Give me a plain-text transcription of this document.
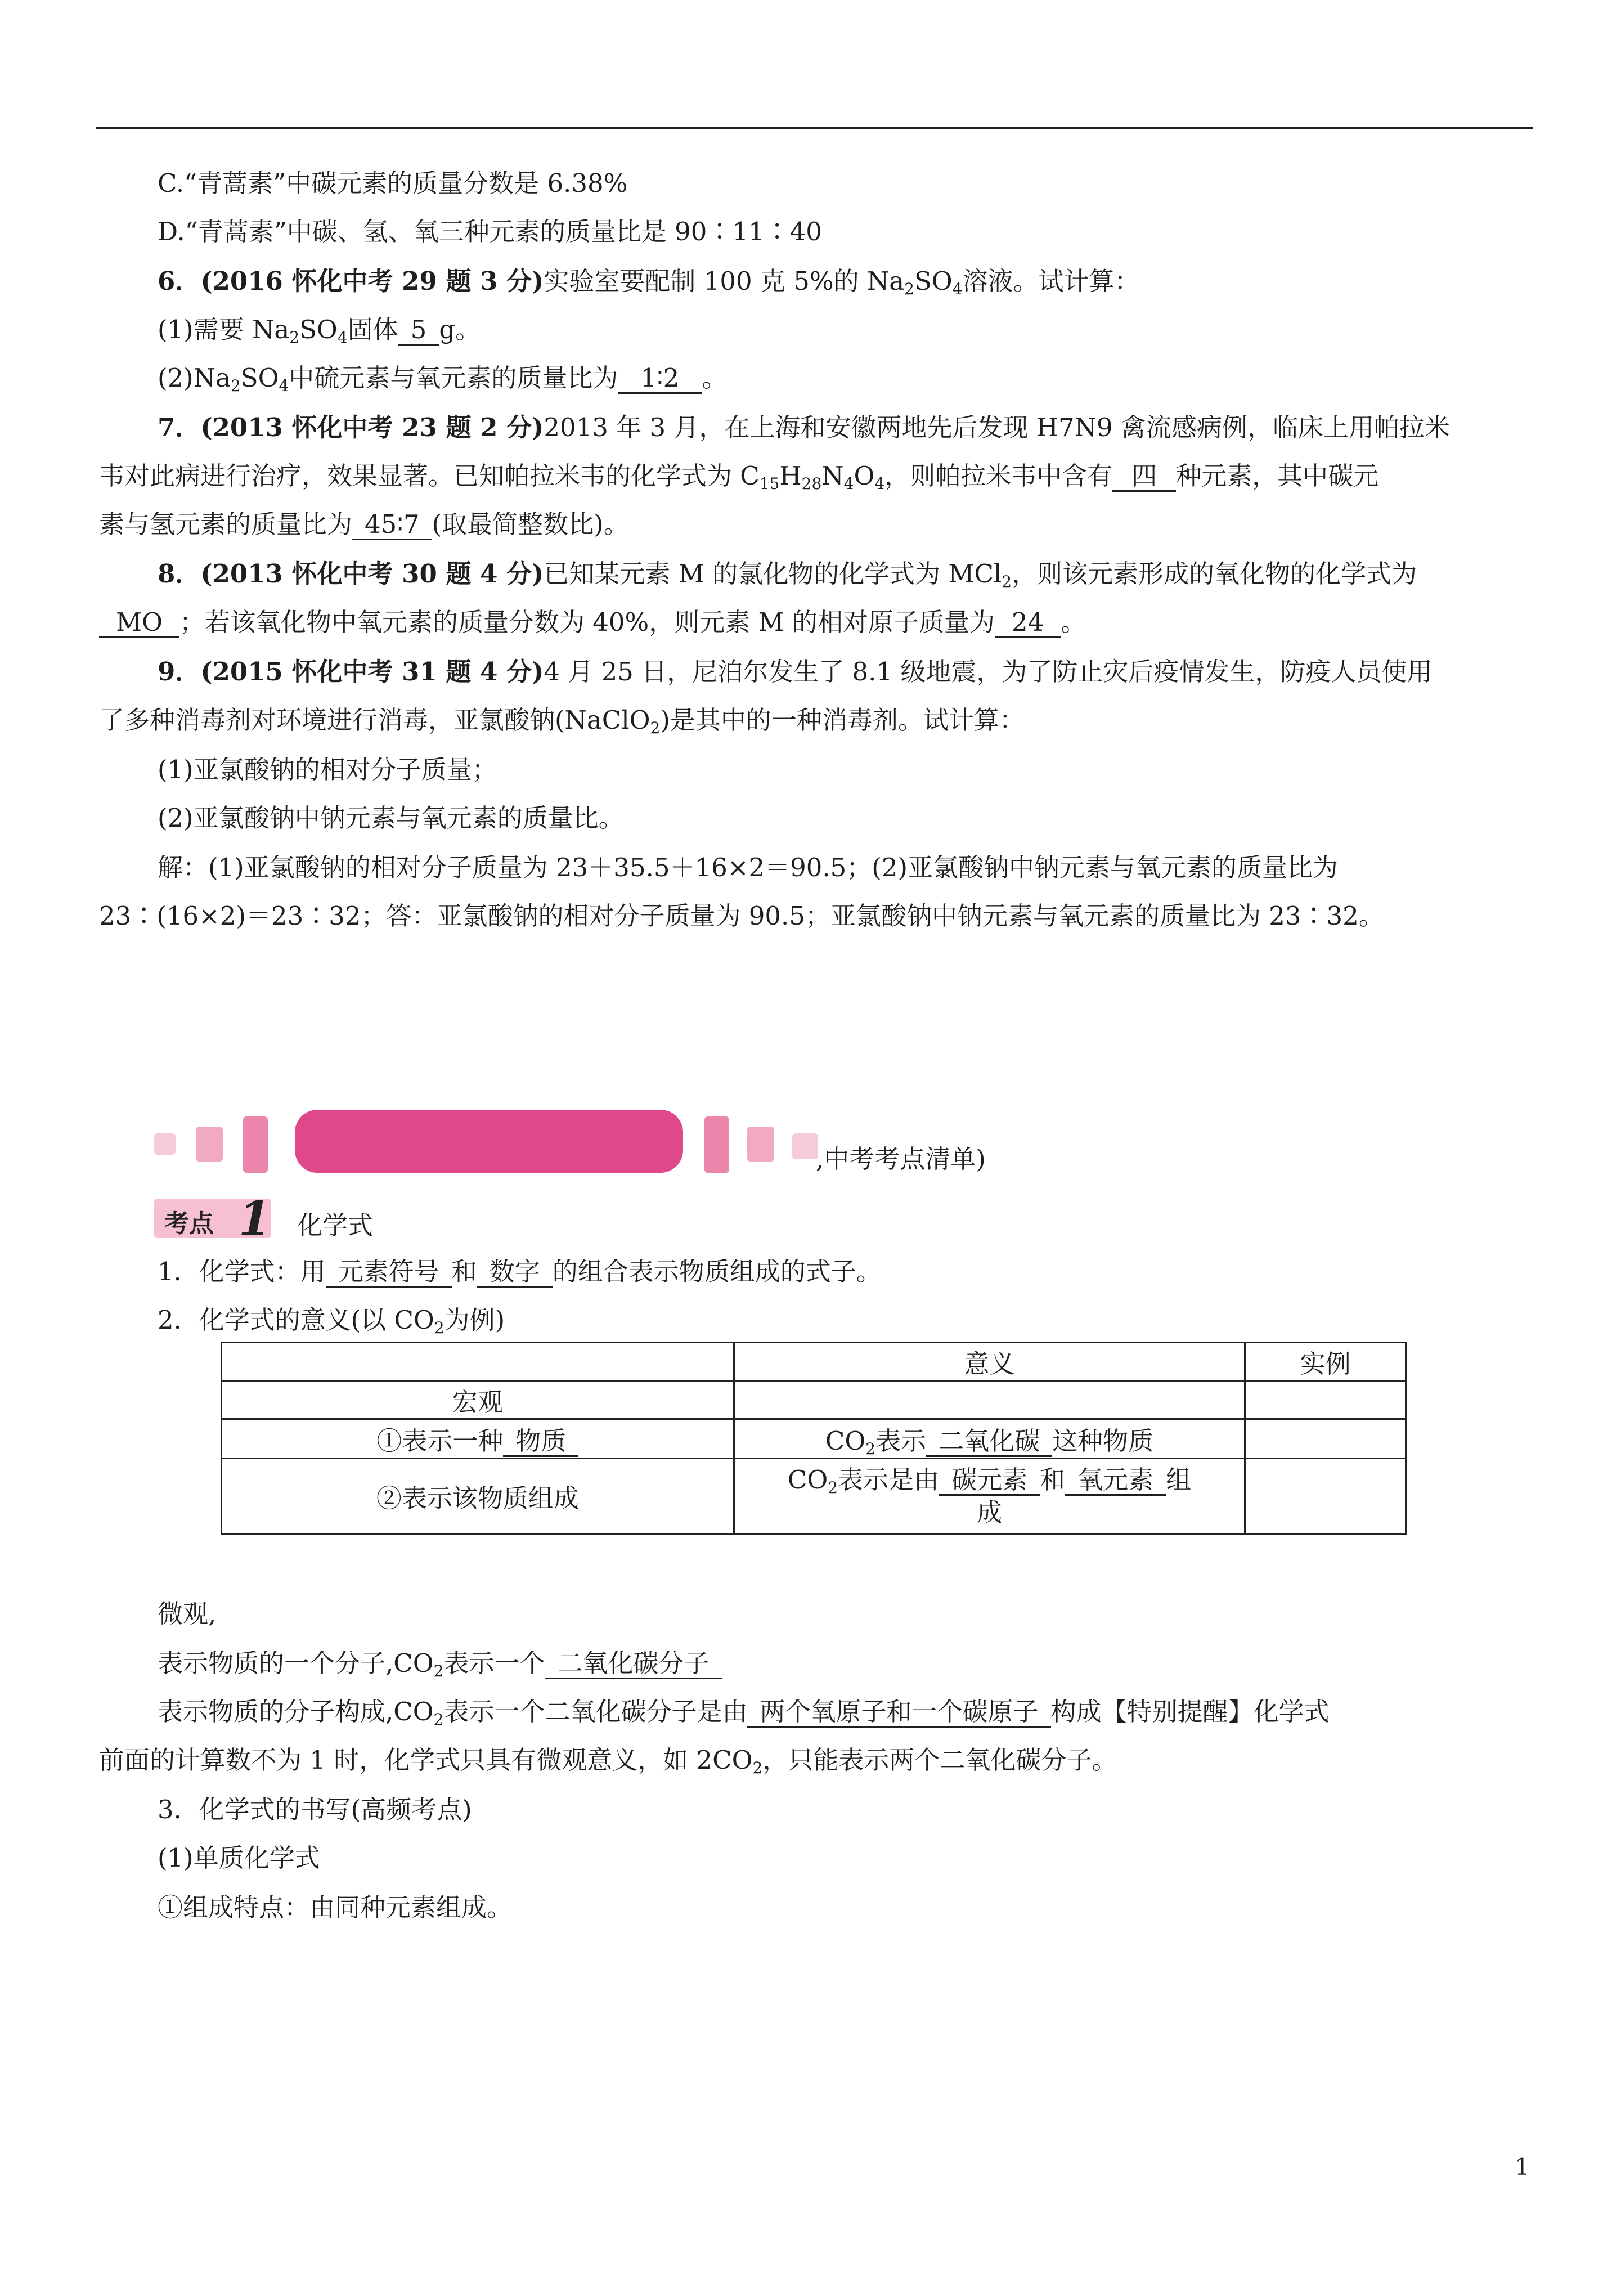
C.“青蒿素”中碳元素的质量分数是 6.38%
D.“青蒿素”中碳、氢、氧三种元素的质量比是 90∶11∶40
6．(2016 怀化中考 29 题 3 分)实验室要配制 100 克 5%的 $Na_2SO_4$溶液。试计算：
(1)需要 $Na_2SO_4$固体 5 g。
$(2)Na_2SO_4$中硫元素与氧元素的质量比为 1∶2 。
7．(2013 怀化中考 23 题 2 分)2013 年 3 月，在上海和安徽两地先后发现 H7N9 禽流感病例，临床上用帕拉米
韦对此病进行治疗，效果显著。已知帕拉米韦的化学式为 $C_{15}H_{28}N_4O_4$，则帕拉米韦中含有 四 种元素，其中碳元
素与氢元素的质量比为 45∶7 (取最简整数比)。
8．(2013 怀化中考 30 题 4 分)已知某元素 M 的氯化物的化学式为 MCl$_2$，则该元素形成的氧化物的化学式为
MO ；若该氧化物中氧元素的质量分数为 40%，则元素 M 的相对原子质量为 24 。
9．(2015 怀化中考 31 题 4 分)4 月 25 日，尼泊尔发生了 8.1 级地震，为了防止灾后疫情发生，防疫人员使用
了多种消毒剂对环境进行消毒，亚氯酸钠(NaClO$_2$)是其中的一种消毒剂。试计算：
(1)亚氯酸钠的相对分子质量；
(2)亚氯酸钠中钠元素与氧元素的质量比。
解：(1)亚氯酸钠的相对分子质量为 23＋35.5＋16×2＝90.5；(2)亚氯酸钠中钠元素与氧元素的质量比为
23∶(16×2)＝23∶32；答：亚氯酸钠的相对分子质量为 90.5；亚氯酸钠中钠元素与氧元素的质量比为 23∶32。
,中考考点清单)
考点 1 化学式
1．化学式：用 元素符号 和 数字 的组合表示物质组成的式子。
2．化学式的意义(以 $CO_2$为例)
	意义	实例
宏观		
①表示一种 物质	$CO_2$表示 二氧化碳 这种物质	
②表示该物质组成	$CO_2$表示是由 碳元素 和 氧元素 组
成	
微观,
表示物质的一个分子$,CO_2$表示一个 二氧化碳分子
表示物质的分子构成$,CO_2$表示一个二氧化碳分子是由 两个氧原子和一个碳原子 构成【特别提醒】化学式
前面的计算数不为 1 时，化学式只具有微观意义，如 $2CO_2$，只能表示两个二氧化碳分子。
3．化学式的书写(高频考点)
(1)单质化学式
①组成特点：由同种元素组成。
1
